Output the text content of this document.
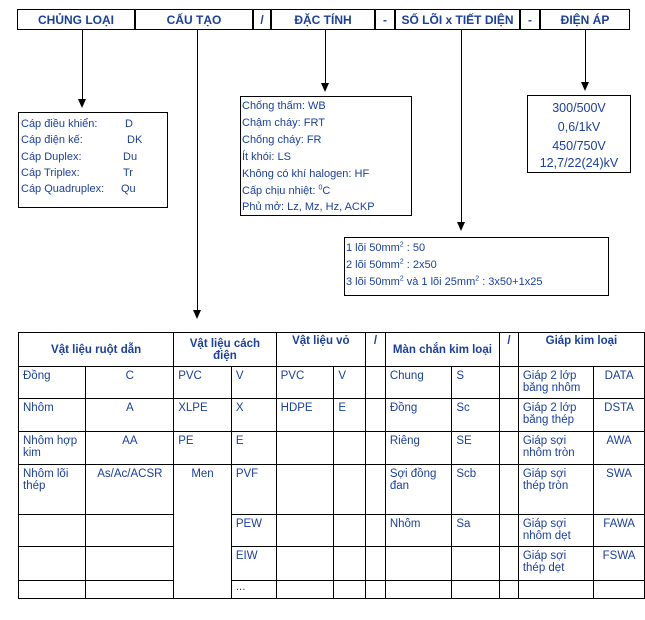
CHỦNG LOẠI	CẤU TẠO	/	ĐẶC TÍNH	- SỐ LÕI x TIẾT DIỆN - ĐIỆN ÁP
Cáp điều khiển:	D
Cáp điện kế:	DK
Cáp Duplex:	Du
Cáp Triplex:	Tr
Cáp Quadruplex: Qu
Chống thấm: WB
Chậm cháy: FRT
Chống cháy: FR
Ít khói: LS
Không có khí halogen: HF
Cấp chịu nhiệt: $^0$C
Phủ mở: Lz, Mz, Hz, ACKP
300/500V
0,6/1kV
450/750V
12,7/22(24)kV
1 lõi $50mm^2$ : 50
2 lõi $50mm^2$ : 2x50
3 lõi $50mm^2$ và 1 lõi $25mm^2$ : 3x50+1x25
Vật liệu ruột dẫn		Vật liệu cách điện		Vật liệu vỏ		/	Màn chắn kim loại		/	Giáp kim loại	
Đồng	C	PVC	V	PVC	V		Chung	S		Giáp 2 lớp băng nhôm	DATA
Nhôm	A	XLPE	X	HDPE	E		Đồng	Sc		Giáp 2 lớp băng thép	DSTA
Nhôm hợp kim	AA	PE	E				Riêng	SE		Giáp sợi nhôm tròn	AWA
Nhôm lõi thép	As/Ac/ACSR	Men	PVF				Sợi đồng đan	Scb		Giáp sợi thép tròn	SWA
			PEW				Nhôm	Sa		Giáp sợi nhôm dẹt	FAWA
			EIW							Giáp sợi thép dẹt	FSWA
			...								
